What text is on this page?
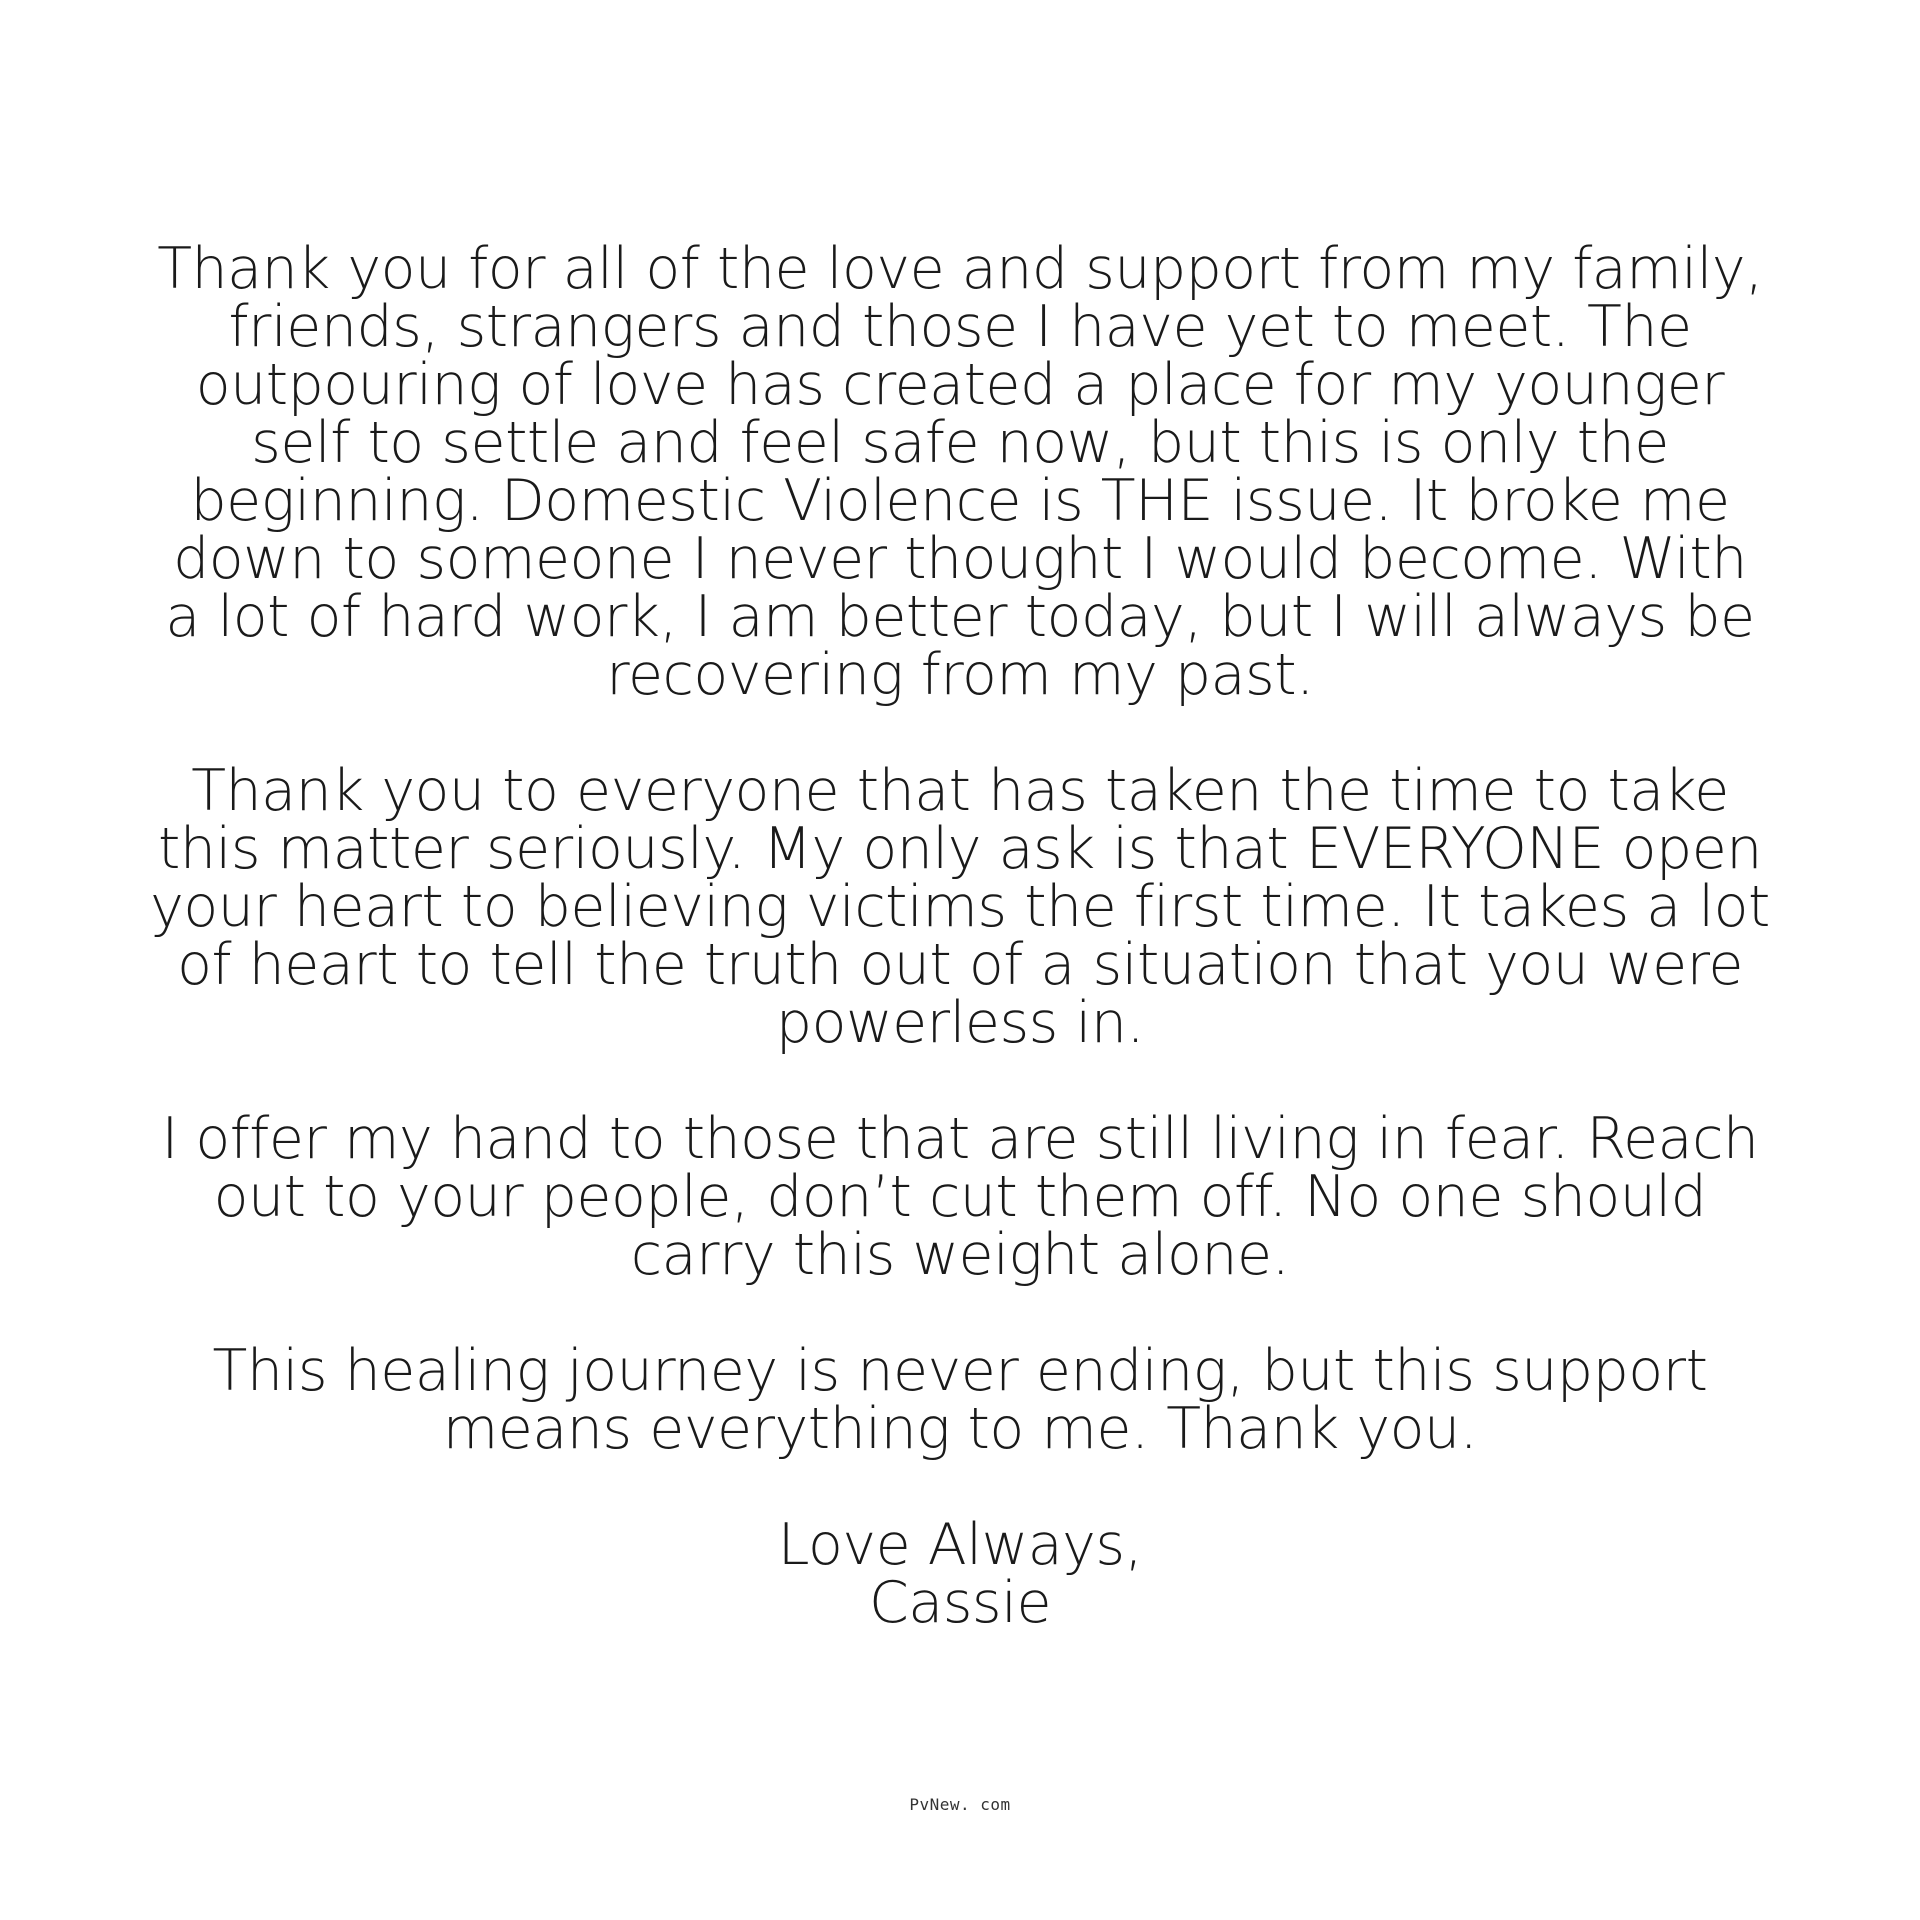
Thank you for all of the love and support from my family,
friends, strangers and those I have yet to meet. The
outpouring of love has created a place for my younger
self to settle and feel safe now, but this is only the
beginning. Domestic Violence is THE issue. It broke me
down to someone I never thought I would become. With
a lot of hard work, I am better today, but I will always be
recovering from my past.

Thank you to everyone that has taken the time to take
this matter seriously. My only ask is that EVERYONE open
your heart to believing victims the first time. It takes a lot
of heart to tell the truth out of a situation that you were
powerless in.

I offer my hand to those that are still living in fear. Reach
out to your people, don’t cut them off. No one should
carry this weight alone.

This healing journey is never ending, but this support
means everything to me. Thank you.

Love Always,
Cassie

PvNew. com
